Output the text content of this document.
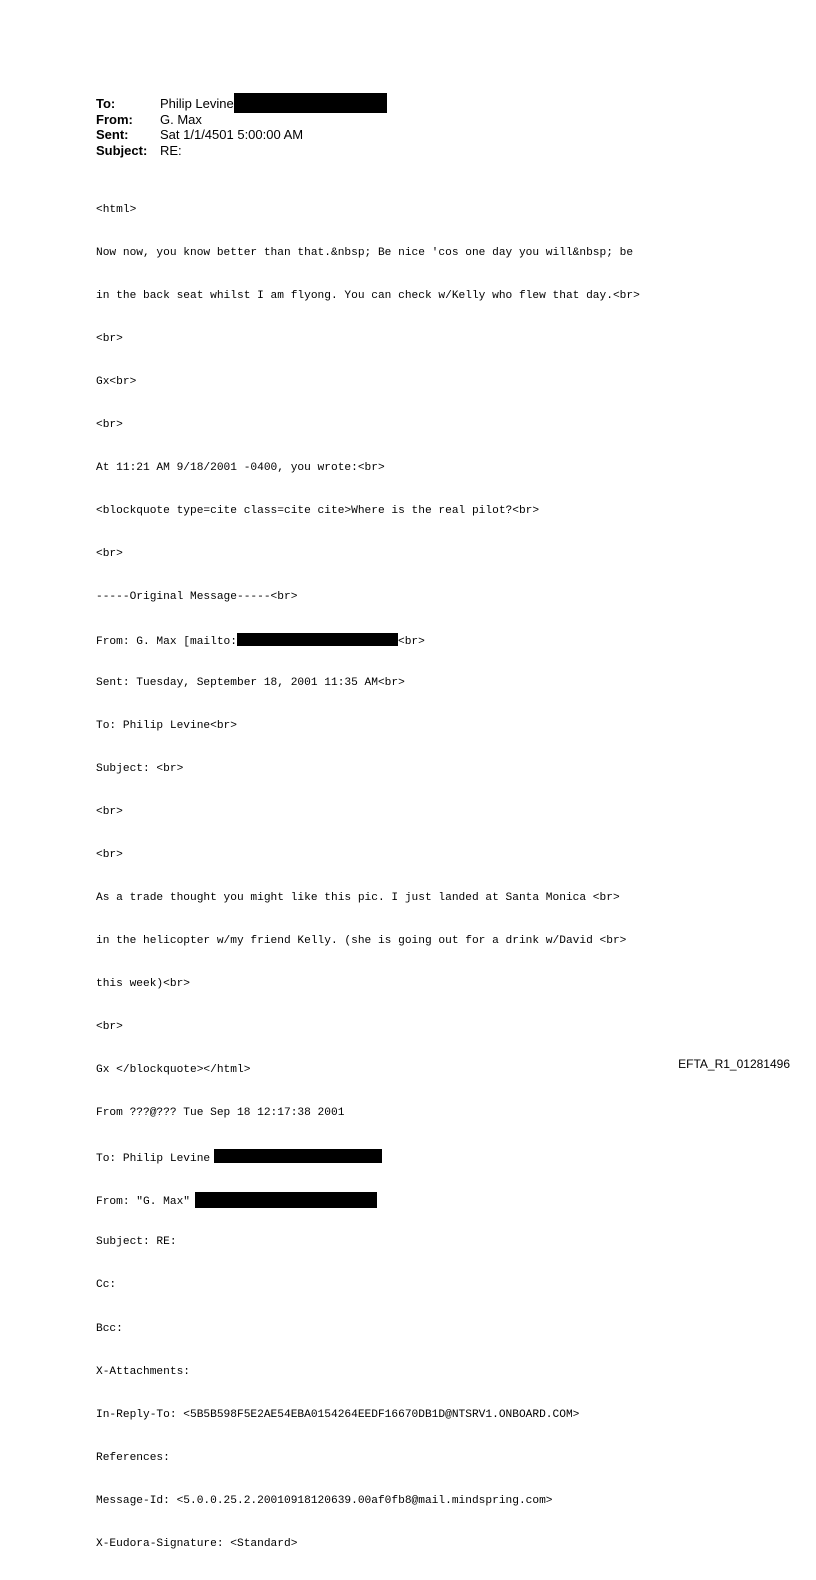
To:	Philip Levine
From: G. Max
Sent: Sat 1/1/4501 5:00:00 AM
Subject: RE:

<html>

Now now, you know better than that.&nbsp; Be nice 'cos one day you will&nbsp; be

in the back seat whilst I am flyong. You can check w/Kelly who flew that day.<br>

<br>

Gx<br>

<br>

At 11:21 AM 9/18/2001 -0400, you wrote:<br>

<blockquote type=cite class=cite cite>Where is the real pilot?<br>

<br>

-----Original Message-----<br>

From: G. Max [mailto:	<br>

Sent: Tuesday, September 18, 2001 11:35 AM<br>

To: Philip Levine<br>

Subject: <br>

<br>

<br>

As a trade thought you might like this pic. I just landed at Santa Monica <br>

in the helicopter w/my friend Kelly. (she is going out for a drink w/David <br>

this week)<br>

<br>

Gx </blockquote></html>

From ???@??? Tue Sep 18 12:17:38 2001

To: Philip Levine

From: "G. Max"

Subject: RE:

Cc:

Bcc:

X-Attachments:

In-Reply-To: <5B5B598F5E2AE54EBA0154264EEDF16670DB1D@NTSRV1.ONBOARD.COM>

References:

Message-Id: <5.0.0.25.2.20010918120639.00af0fb8@mail.mindspring.com>

X-Eudora-Signature: <Standard>

EFTA_R1_01281496
